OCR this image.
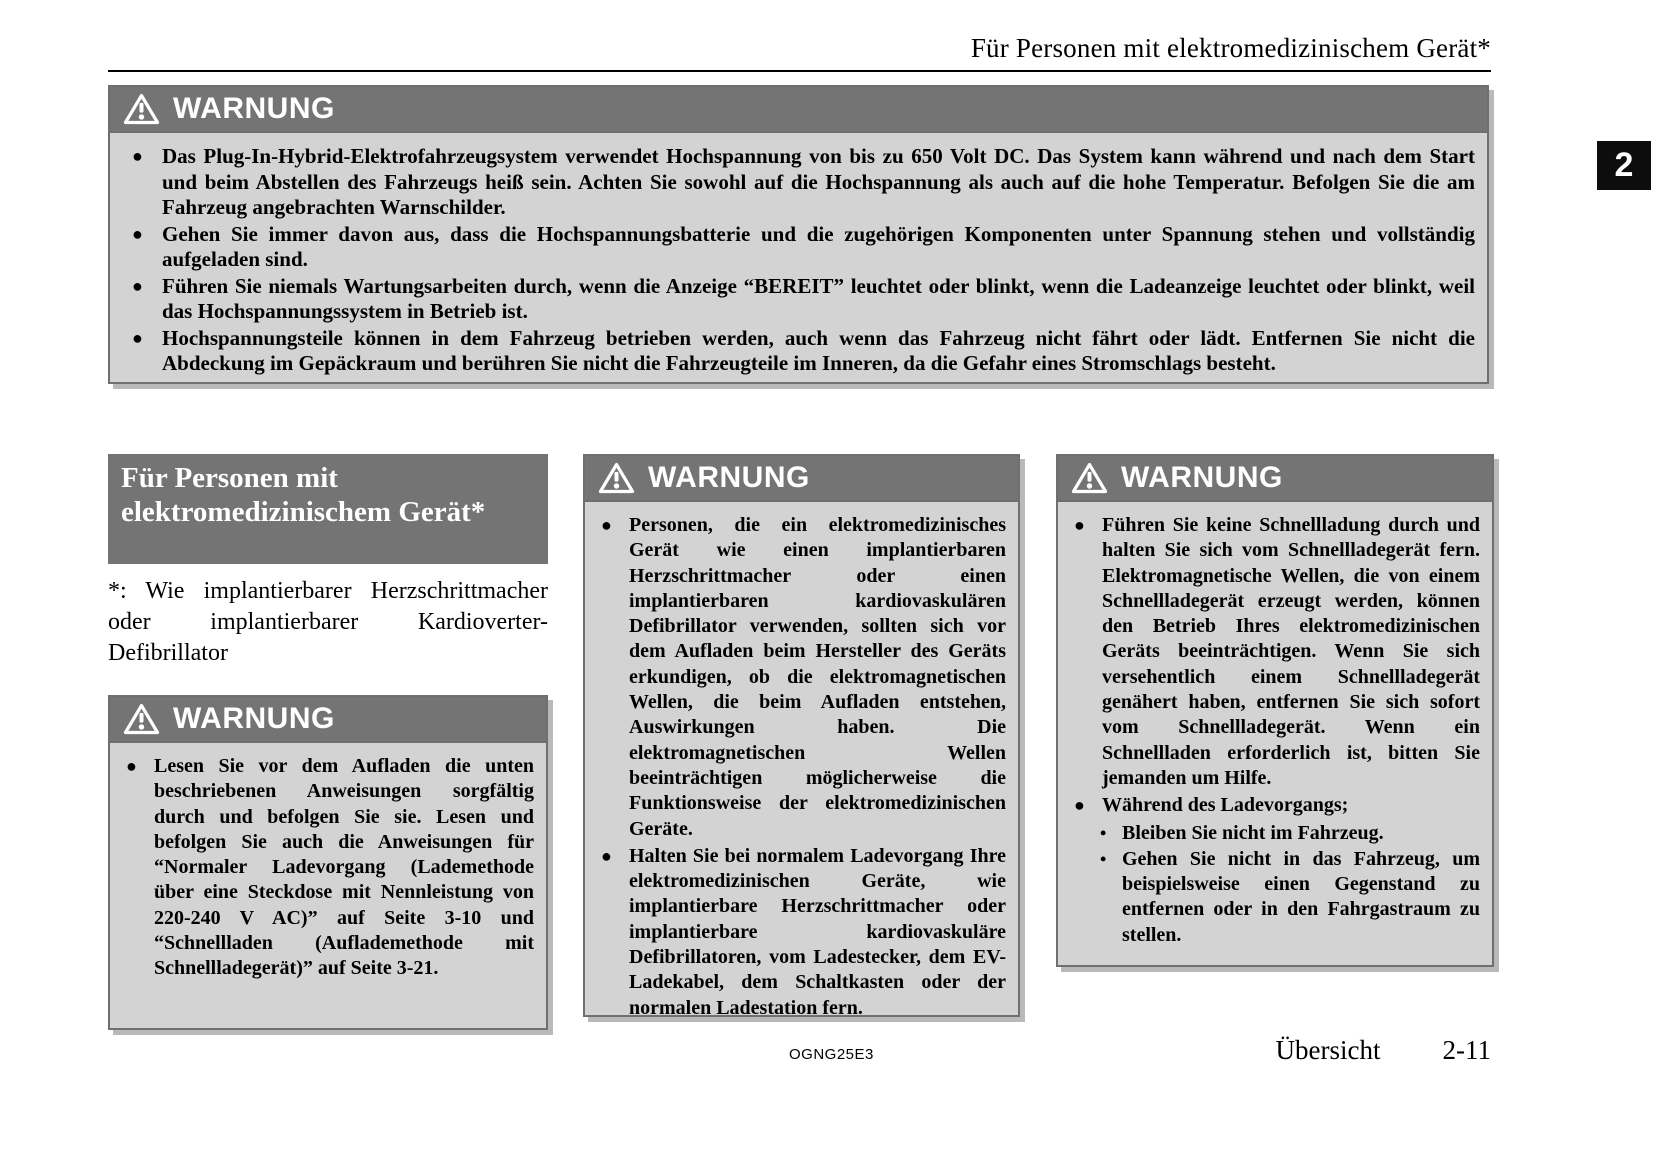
Für Personen mit elektromedizinischem Gerät*
2
WARNUNG
● Das Plug-In-Hybrid-Elektrofahrzeugsystem verwendet Hochspannung von bis zu 650 Volt DC. Das System kann während und nach dem Start und beim Abstellen des Fahrzeugs heiß sein. Achten Sie sowohl auf die Hochspannung als auch auf die hohe Temperatur. Befolgen Sie die am Fahrzeug angebrachten Warnschilder.
● Gehen Sie immer davon aus, dass die Hochspannungsbatterie und die zugehörigen Komponenten unter Spannung stehen und vollständig aufgeladen sind.
● Führen Sie niemals Wartungsarbeiten durch, wenn die Anzeige “BEREIT” leuchtet oder blinkt, wenn die Ladeanzeige leuchtet oder blinkt, weil das Hochspannungssystem in Betrieb ist.
● Hochspannungsteile können in dem Fahrzeug betrieben werden, auch wenn das Fahrzeug nicht fährt oder lädt. Entfernen Sie nicht die Abdeckung im Gepäckraum und berühren Sie nicht die Fahrzeugteile im Inneren, da die Gefahr eines Stromschlags besteht.
Für Personen mit elektromedizinischem Gerät*
*: Wie implantierbarer Herzschrittmacher oder implantierbarer Kardioverter-Defibrillator
WARNUNG
● Lesen Sie vor dem Aufladen die unten beschriebenen Anweisungen sorgfältig durch und befolgen Sie sie. Lesen und befolgen Sie auch die Anweisungen für “Normaler Ladevorgang (Lademethode über eine Steckdose mit Nennleistung von 220-240 V AC)” auf Seite 3-10 und “Schnellladen (Auflademethode mit Schnellladegerät)” auf Seite 3-21.
WARNUNG
● Personen, die ein elektromedizinisches Gerät wie einen implantierbaren Herzschrittmacher oder einen implantierbaren kardiovaskulären Defibrillator verwenden, sollten sich vor dem Aufladen beim Hersteller des Geräts erkundigen, ob die elektromagnetischen Wellen, die beim Aufladen entstehen, Auswirkungen haben. Die elektromagnetischen Wellen beeinträchtigen möglicherweise die Funktionsweise der elektromedizinischen Geräte.
● Halten Sie bei normalem Ladevorgang Ihre elektromedizinischen Geräte, wie implantierbare Herzschrittmacher oder implantierbare kardiovaskuläre Defibrillatoren, vom Ladestecker, dem EV-Ladekabel, dem Schaltkasten oder der normalen Ladestation fern.
WARNUNG
● Führen Sie keine Schnellladung durch und halten Sie sich vom Schnellladegerät fern. Elektromagnetische Wellen, die von einem Schnellladegerät erzeugt werden, können den Betrieb Ihres elektromedizinischen Geräts beeinträchtigen. Wenn Sie sich versehentlich einem Schnellladegerät genähert haben, entfernen Sie sich sofort vom Schnellladegerät. Wenn ein Schnellladen erforderlich ist, bitten Sie jemanden um Hilfe.
● Während des Ladevorgangs;
• Bleiben Sie nicht im Fahrzeug.
• Gehen Sie nicht in das Fahrzeug, um beispielsweise einen Gegenstand zu entfernen oder in den Fahrgastraum zu stellen.
OGNG25E3	Übersicht 2-11
